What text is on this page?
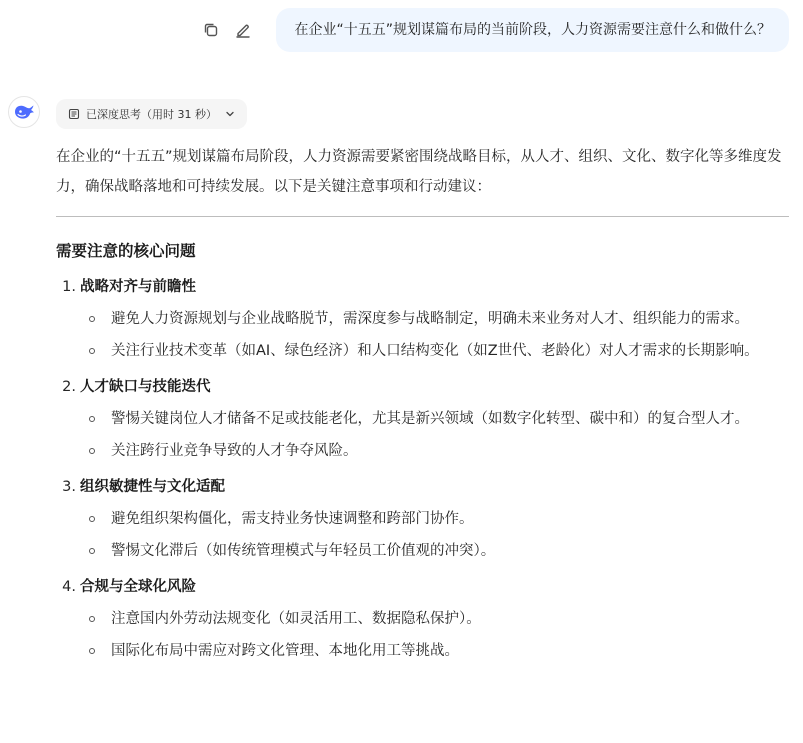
在企业“十五五”规划谋篇布局的当前阶段，人力资源需要注意什么和做什么？
已深度思考（用时 31 秒）

在企业的“十五五”规划谋篇布局阶段，人力资源需要紧密围绕战略目标，从人才、组织、文化、数字化等多维度发力，确保战略落地和可持续发展。以下是关键注意事项和行动建议：

需要注意的核心问题
1. 战略对齐与前瞻性
避免人力资源规划与企业战略脱节，需深度参与战略制定，明确未来业务对人才、组织能力的需求。
关注行业技术变革（如AI、绿色经济）和人口结构变化（如Z世代、老龄化）对人才需求的长期影响。
2. 人才缺口与技能迭代
警惕关键岗位人才储备不足或技能老化，尤其是新兴领域（如数字化转型、碳中和）的复合型人才。
关注跨行业竞争导致的人才争夺风险。
3. 组织敏捷性与文化适配
避免组织架构僵化，需支持业务快速调整和跨部门协作。
警惕文化滞后（如传统管理模式与年轻员工价值观的冲突）。
4. 合规与全球化风险
注意国内外劳动法规变化（如灵活用工、数据隐私保护）。
国际化布局中需应对跨文化管理、本地化用工等挑战。
